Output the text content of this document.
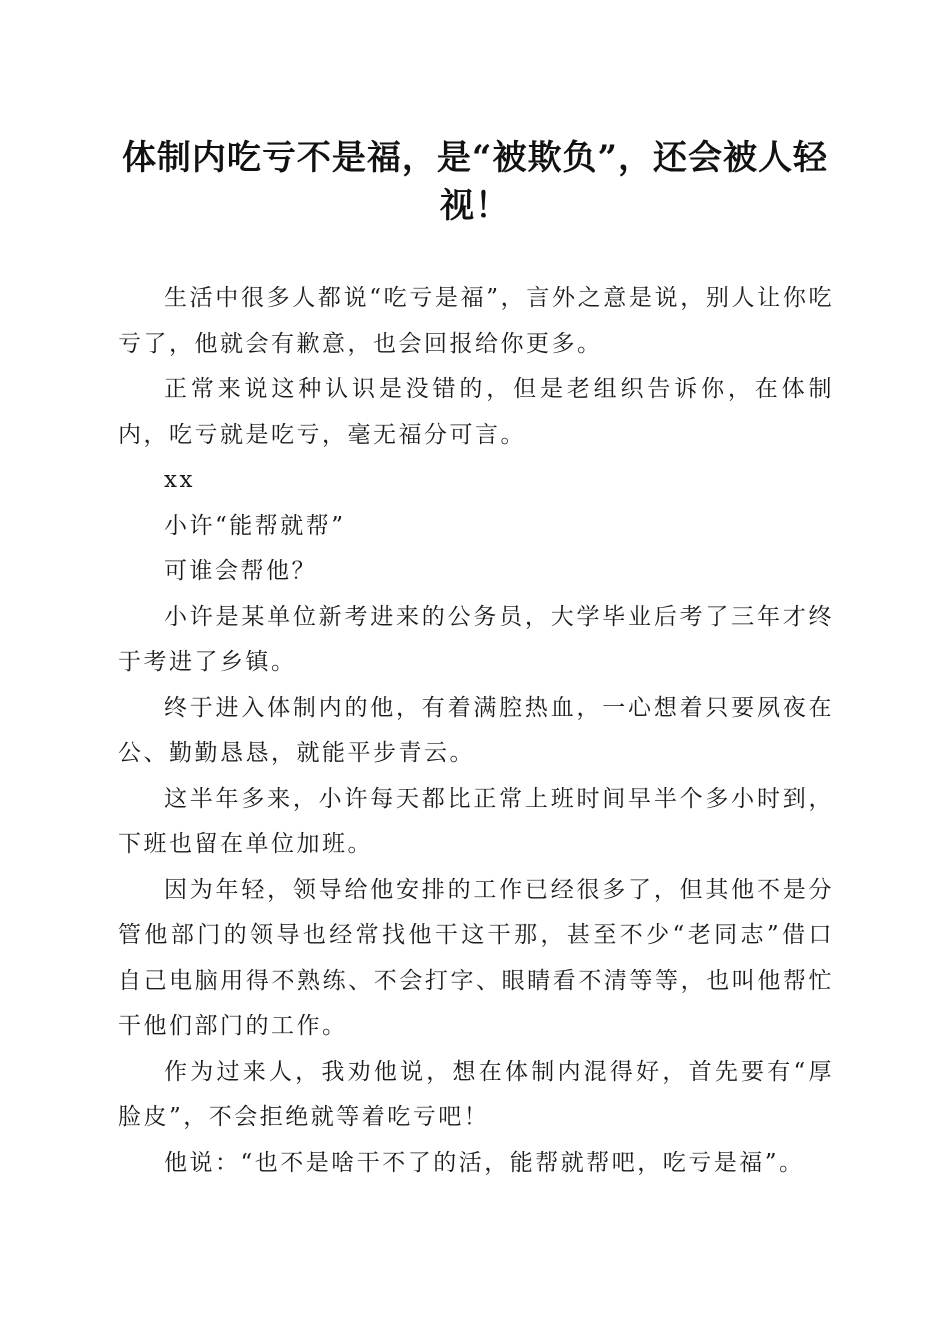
体制内吃亏不是福，是“被欺负”，还会被人轻视！

生活中很多人都说“吃亏是福”，言外之意是说，别人让你吃亏了，他就会有歉意，也会回报给你更多。

正常来说这种认识是没错的，但是老组织告诉你，在体制内，吃亏就是吃亏，毫无福分可言。

xx

小许“能帮就帮”

可谁会帮他？

小许是某单位新考进来的公务员，大学毕业后考了三年才终于考进了乡镇。

终于进入体制内的他，有着满腔热血，一心想着只要夙夜在公、勤勤恳恳，就能平步青云。

这半年多来，小许每天都比正常上班时间早半个多小时到，下班也留在单位加班。

因为年轻，领导给他安排的工作已经很多了，但其他不是分管他部门的领导也经常找他干这干那，甚至不少“老同志”借口自己电脑用得不熟练、不会打字、眼睛看不清等等，也叫他帮忙干他们部门的工作。

作为过来人，我劝他说，想在体制内混得好，首先要有“厚脸皮”，不会拒绝就等着吃亏吧！

他说：“也不是啥干不了的活，能帮就帮吧，吃亏是福”。
